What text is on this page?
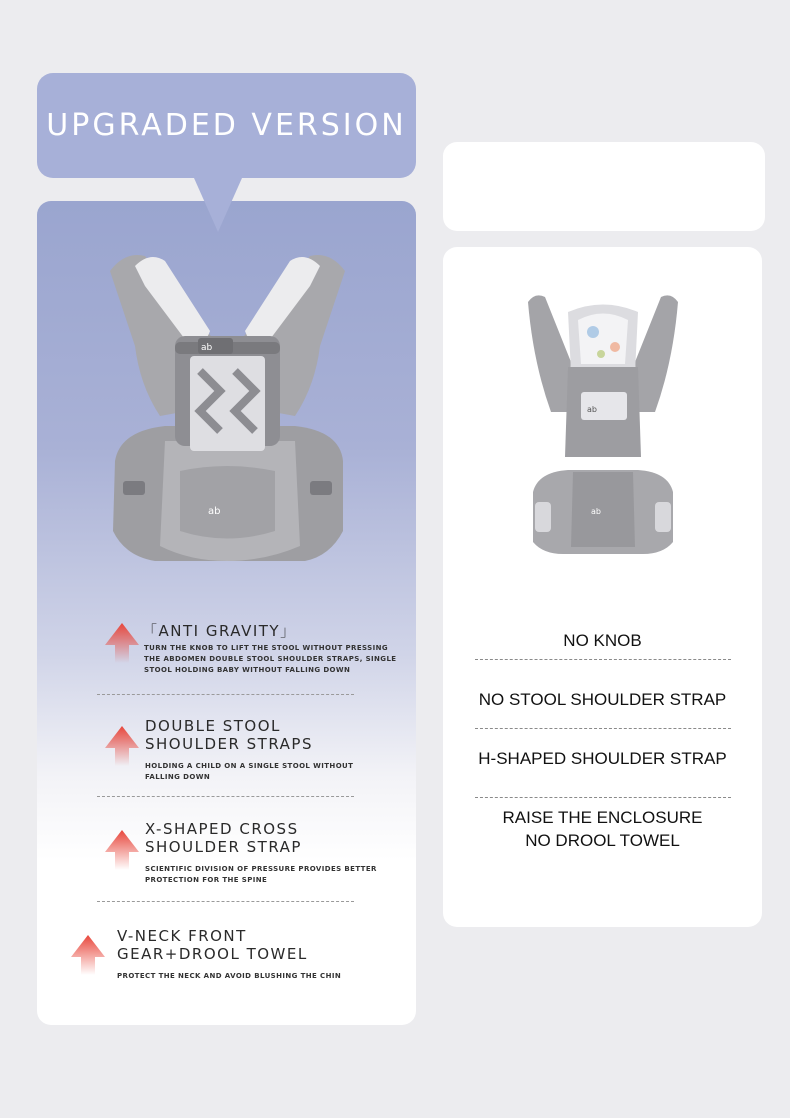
UPGRADED VERSION
ab
ab
「ANTI GRAVITY」
TURN THE KNOB TO LIFT THE STOOL WITHOUT PRESSING THE ABDOMEN DOUBLE STOOL SHOULDER STRAPS, SINGLE STOOL HOLDING BABY WITHOUT FALLING DOWN
DOUBLE STOOL SHOULDER STRAPS
HOLDING A CHILD ON A SINGLE STOOL WITHOUT FALLING DOWN
X-SHAPED CROSS SHOULDER STRAP
SCIENTIFIC DIVISION OF PRESSURE PROVIDES BETTER PROTECTION FOR THE SPINE
V-NECK FRONT GEAR+DROOL TOWEL
PROTECT THE NECK AND AVOID BLUSHING THE CHIN
ab
ab
NO KNOB
NO STOOL SHOULDER STRAP
H-SHAPED SHOULDER STRAP
RAISE THE ENCLOSURE
NO DROOL TOWEL
